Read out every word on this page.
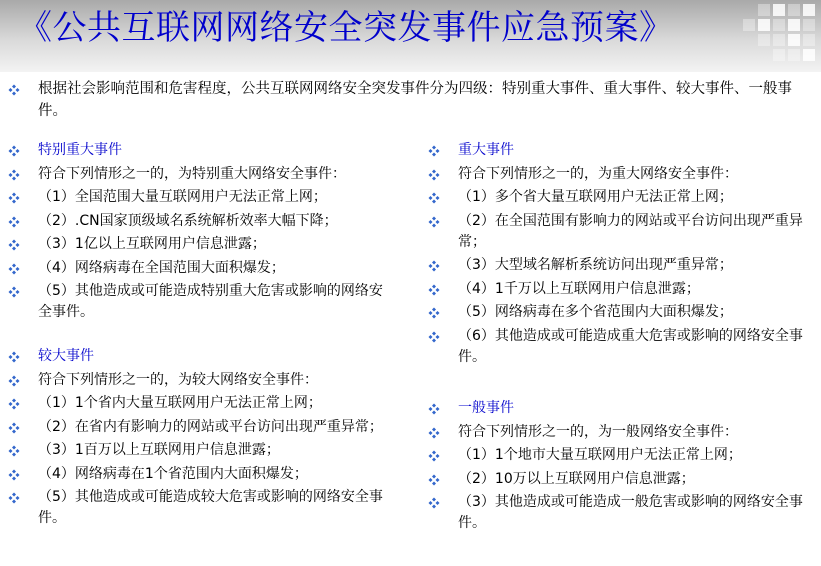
《公共互联网网络安全突发事件应急预案》
根据社会影响范围和危害程度，公共互联网网络安全突发事件分为四级：特别重大事件、重大事件、较大事件、一般事件。
特别重大事件
符合下列情形之一的，为特别重大网络安全事件：
（1）全国范围大量互联网用户无法正常上网；
（2）.CN国家顶级域名系统解析效率大幅下降；
（3）1亿以上互联网用户信息泄露；
（4）网络病毒在全国范围大面积爆发；
（5）其他造成或可能造成特别重大危害或影响的网络安全事件。
较大事件
符合下列情形之一的，为较大网络安全事件：
（1）1个省内大量互联网用户无法正常上网；
（2）在省内有影响力的网站或平台访问出现严重异常；
（3）1百万以上互联网用户信息泄露；
（4）网络病毒在1个省范围内大面积爆发；
（5）其他造成或可能造成较大危害或影响的网络安全事件。
重大事件
符合下列情形之一的，为重大网络安全事件：
（1）多个省大量互联网用户无法正常上网；
（2）在全国范围有影响力的网站或平台访问出现严重异常；
（3）大型域名解析系统访问出现严重异常；
（4）1千万以上互联网用户信息泄露；
（5）网络病毒在多个省范围内大面积爆发；
（6）其他造成或可能造成重大危害或影响的网络安全事件。
一般事件
符合下列情形之一的，为一般网络安全事件：
（1）1个地市大量互联网用户无法正常上网；
（2）10万以上互联网用户信息泄露；
（3）其他造成或可能造成一般危害或影响的网络安全事件。
